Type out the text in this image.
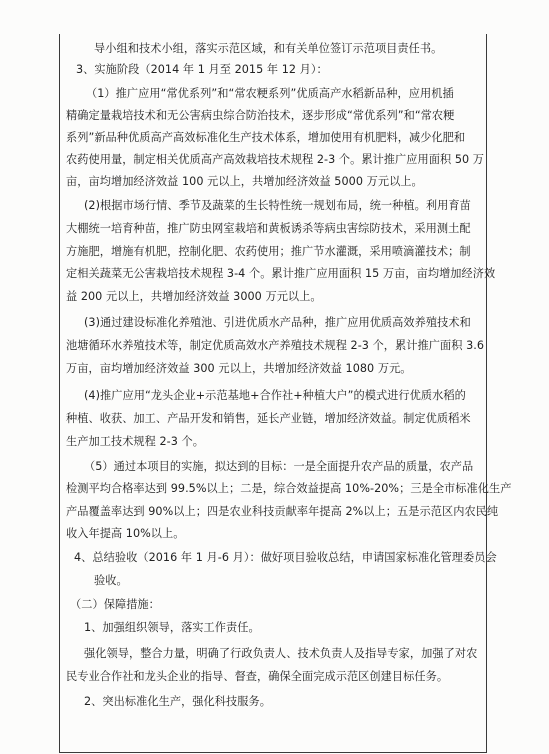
导小组和技术小组，落实示范区域，和有关单位签订示范项目责任书。
3、实施阶段（2014 年 1 月至 2015 年 12 月）：
（1）推广应用“常优系列”和“常农粳系列”优质高产水稻新品种，应用机插
精确定量栽培技术和无公害病虫综合防治技术，逐步形成“常优系列”和“常农粳
系列”新品种优质高产高效标准化生产技术体系，增加使用有机肥料，减少化肥和
农药使用量，制定相关优质高产高效栽培技术规程 2-3 个。累计推广应用面积 50 万
亩，亩均增加经济效益 100 元以上，共增加经济效益 5000 万元以上。
(2)根据市场行情、季节及蔬菜的生长特性统一规划布局，统一种植。利用育苗
大棚统一培育种苗，推广防虫网室栽培和黄板诱杀等病虫害综防技术，采用测土配
方施肥，增施有机肥，控制化肥、农药使用；推广节水灌溉，采用喷滴灌技术；制
定相关蔬菜无公害栽培技术规程 3-4 个。累计推广应用面积 15 万亩，亩均增加经济效
益 200 元以上，共增加经济效益 3000 万元以上。
(3)通过建设标准化养殖池、引进优质水产品种，推广应用优质高效养殖技术和
池塘循环水养殖技术等，制定优质高效水产养殖技术规程 2-3 个，累计推广面积 3.6
万亩，亩均增加经济效益 300 元以上，共增加经济效益 1080 万元。
(4)推广应用“龙头企业+示范基地+合作社+种植大户”的模式进行优质水稻的
种植、收获、加工、产品开发和销售，延长产业链，增加经济效益。制定优质稻米
生产加工技术规程 2-3 个。
（5）通过本项目的实施，拟达到的目标：一是全面提升农产品的质量，农产品
检测平均合格率达到 99.5%以上；二是，综合效益提高 10%-20%；三是全市标准化生产
产品覆盖率达到 90%以上；四是农业科技贡献率年提高 2%以上；五是示范区内农民纯
收入年提高 10%以上。
4、总结验收（2016 年 1 月-6 月）：做好项目验收总结，申请国家标准化管理委员会
验收。
（二）保障措施：
1、加强组织领导，落实工作责任。
强化领导，整合力量，明确了行政负责人、技术负责人及指导专家，加强了对农
民专业合作社和龙头企业的指导、督查，确保全面完成示范区创建目标任务。
2、突出标准化生产，强化科技服务。
